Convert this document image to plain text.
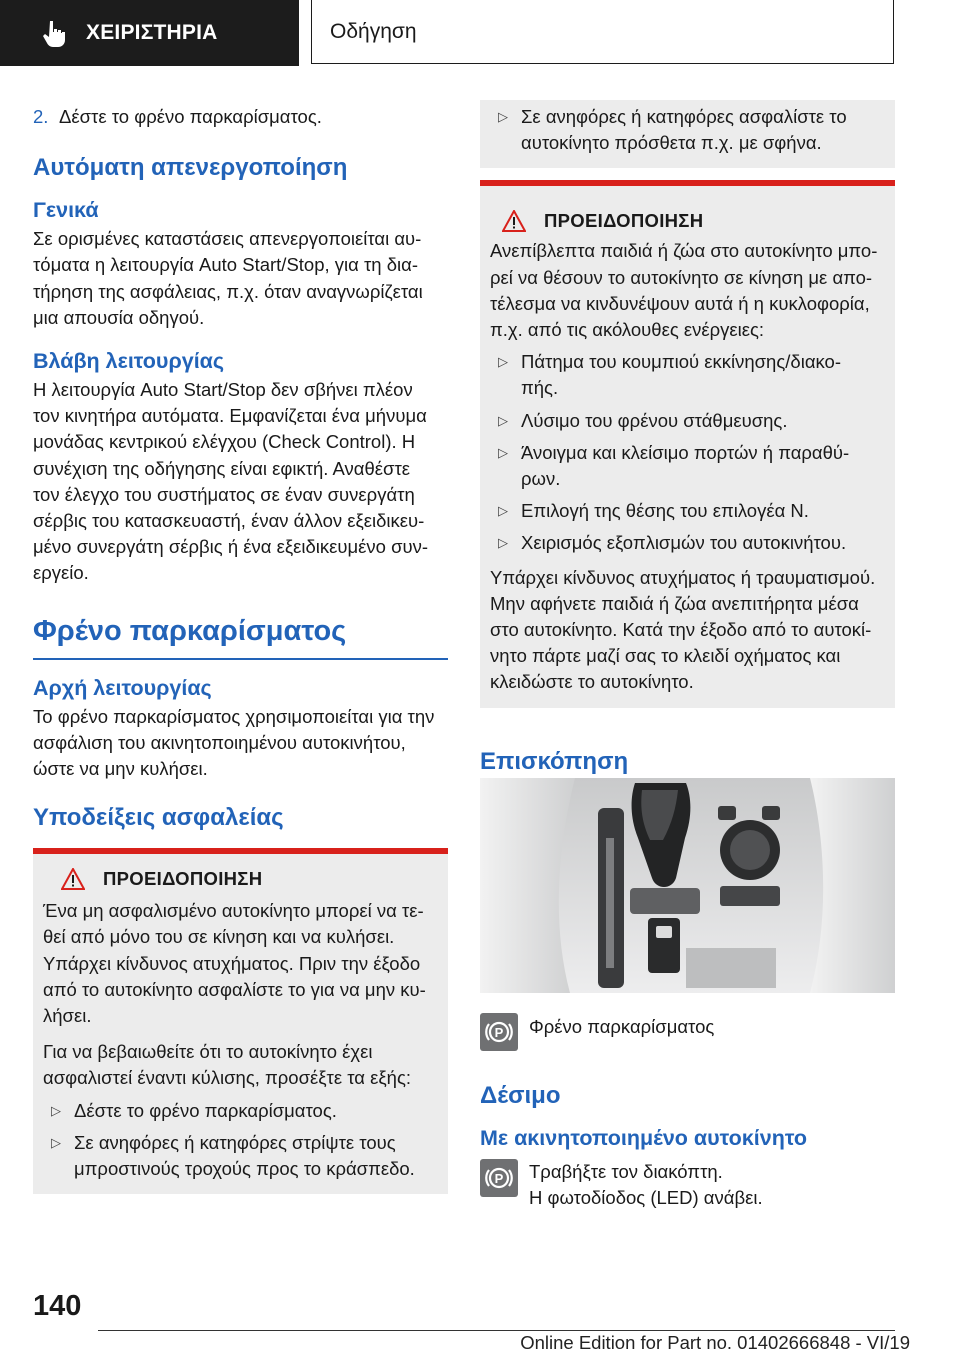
ΧΕΙΡΙΣΤΗΡΙΑ	Οδήγηση
2. Δέστε το φρένο παρκαρίσματος.

Αυτόματη απενεργοποίηση

Γενικά

Σε ορισμένες καταστάσεις απενεργοποιείται αυ-
τόματα η λειτουργία Auto Start/Stop, για τη δια-
τήρηση της ασφάλειας, π.χ. όταν αναγνωρίζεται
μια απουσία οδηγού.

Βλάβη λειτουργίας

Η λειτουργία Auto Start/Stop δεν σβήνει πλέον
τον κινητήρα αυτόματα. Εμφανίζεται ένα μήνυμα
μονάδας κεντρικού ελέγχου (Check Control). Η
συνέχιση της οδήγησης είναι εφικτή. Αναθέστε
τον έλεγχο του συστήματος σε έναν συνεργάτη
σέρβις του κατασκευαστή, έναν άλλον εξειδικευ-
μένο συνεργάτη σέρβις ή ένα εξειδικευμένο συν-
εργείο.

Φρένο παρκαρίσματος

Αρχή λειτουργίας

Το φρένο παρκαρίσματος χρησιμοποιείται για την
ασφάλιση του ακινητοποιημένου αυτοκινήτου,
ώστε να μην κυλήσει.

Υποδείξεις ασφαλείας

ΠΡΟΕΙΔΟΠΟΙΗΣΗ

Ένα μη ασφαλισμένο αυτοκίνητο μπορεί να τε-
θεί από μόνο του σε κίνηση και να κυλήσει.
Υπάρχει κίνδυνος ατυχήματος. Πριν την έξοδο
από το αυτοκίνητο ασφαλίστε το για να μην κυ-
λήσει.

Για να βεβαιωθείτε ότι το αυτοκίνητο έχει
ασφαλιστεί έναντι κύλισης, προσέξτε τα εξής:

▷
Δέστε το φρένο παρκαρίσματος.
▷
Σε ανηφόρες ή κατηφόρες στρίψτε τους
μπροστινούς τροχούς προς το κράσπεδο.
▷
Σε ανηφόρες ή κατηφόρες ασφαλίστε το
αυτοκίνητο πρόσθετα π.χ. με σφήνα.
ΠΡΟΕΙΔΟΠΟΙΗΣΗ

Ανεπίβλεπτα παιδιά ή ζώα στο αυτοκίνητο μπο-
ρεί να θέσουν το αυτοκίνητο σε κίνηση με απο-
τέλεσμα να κινδυνέψουν αυτά ή η κυκλοφορία,
π.χ. από τις ακόλουθες ενέργειες:

▷
Πάτημα του κουμπιού εκκίνησης/διακο-
πής.
▷
Λύσιμο του φρένου στάθμευσης.
▷
Άνοιγμα και κλείσιμο πορτών ή παραθύ-
ρων.
▷
Επιλογή της θέσης του επιλογέα N.
▷
Χειρισμός εξοπλισμών του αυτοκινήτου.

Υπάρχει κίνδυνος ατυχήματος ή τραυματισμού.
Μην αφήνετε παιδιά ή ζώα ανεπιτήρητα μέσα
στο αυτοκίνητο. Κατά την έξοδο από το αυτοκί-
νητο πάρτε μαζί σας το κλειδί οχήματος και
κλειδώστε το αυτοκίνητο.

Επισκόπηση

P Φρένο παρκαρίσματος

Δέσιμο

Με ακινητοποιημένο αυτοκίνητο

P Τραβήξτε τον διακόπτη.
Η φωτοδίοδος (LED) ανάβει.

140
Online Edition for Part no. 01402666848 - VI/19
